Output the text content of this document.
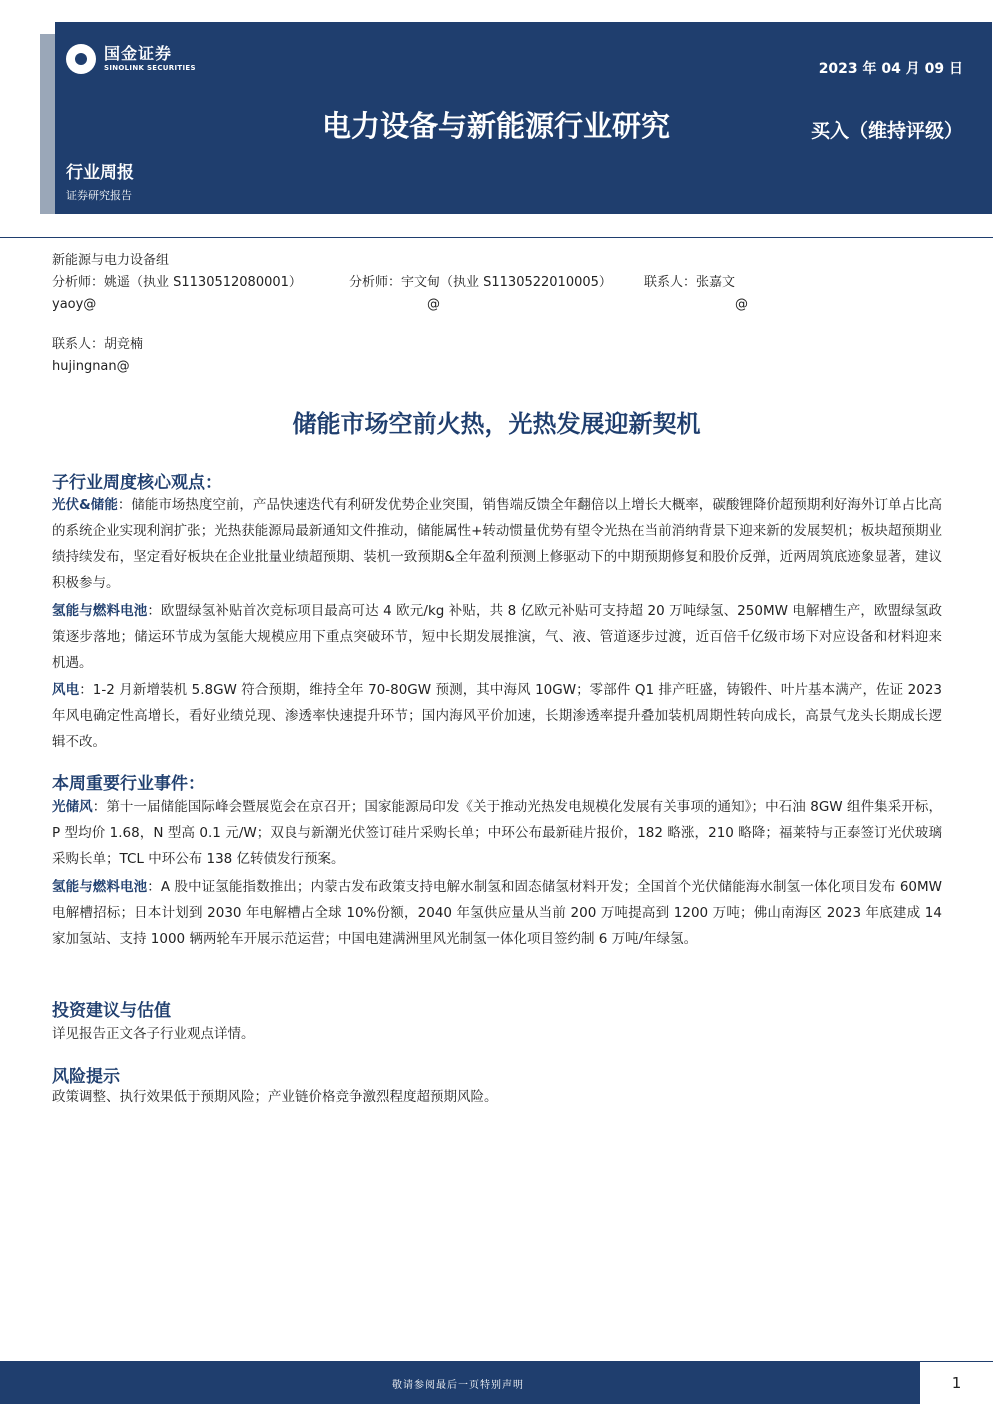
国金证券
SINOLINK SECURITIES	2023 年 04 月 09 日
电力设备与新能源行业研究	买入（维持评级）
行业周报
证券研究报告
新能源与电力设备组
分析师：姚遥（执业 S1130512080001）	分析师：宇文甸（执业 S1130522010005） 联系人：张嘉文
yaoy@	@	@
联系人：胡竞楠
hujingnan@
储能市场空前火热，光热发展迎新契机
子行业周度核心观点：
光伏&储能：储能市场热度空前，产品快速迭代有利研发优势企业突围，销售端反馈全年翻倍以上增长大概率，碳酸锂降价超预期利好海外订单占比高的系统企业实现利润扩张；光热获能源局最新通知文件推动，储能属性+转动惯量优势有望令光热在当前消纳背景下迎来新的发展契机；板块超预期业绩持续发布，坚定看好板块在企业批量业绩超预期、装机一致预期&全年盈利预测上修驱动下的中期预期修复和股价反弹，近两周筑底迹象显著，建议积极参与。
氢能与燃料电池：欧盟绿氢补贴首次竞标项目最高可达 4 欧元/kg 补贴，共 8 亿欧元补贴可支持超 20 万吨绿氢、250MW 电解槽生产，欧盟绿氢政策逐步落地；储运环节成为氢能大规模应用下重点突破环节，短中长期发展推演，气、液、管道逐步过渡，近百倍千亿级市场下对应设备和材料迎来机遇。
风电：1-2 月新增装机 5.8GW 符合预期，维持全年 70-80GW 预测，其中海风 10GW；零部件 Q1 排产旺盛，铸锻件、叶片基本满产，佐证 2023 年风电确定性高增长，看好业绩兑现、渗透率快速提升环节；国内海风平价加速，长期渗透率提升叠加装机周期性转向成长，高景气龙头长期成长逻辑不改。
本周重要行业事件：
光储风：第十一届储能国际峰会暨展览会在京召开；国家能源局印发《关于推动光热发电规模化发展有关事项的通知》；中石油 8GW 组件集采开标，P 型均价 1.68，N 型高 0.1 元/W；双良与新潮光伏签订硅片采购长单；中环公布最新硅片报价，182 略涨，210 略降；福莱特与正泰签订光伏玻璃采购长单；TCL 中环公布 138 亿转债发行预案。
氢能与燃料电池：A 股中证氢能指数推出；内蒙古发布政策支持电解水制氢和固态储氢材料开发；全国首个光伏储能海水制氢一体化项目发布 60MW 电解槽招标；日本计划到 2030 年电解槽占全球 10%份额，2040 年氢供应量从当前 200 万吨提高到 1200 万吨；佛山南海区 2023 年底建成 14 家加氢站、支持 1000 辆两轮车开展示范运营；中国电建满洲里风光制氢一体化项目签约制 6 万吨/年绿氢。
投资建议与估值
详见报告正文各子行业观点详情。
风险提示
政策调整、执行效果低于预期风险；产业链价格竞争激烈程度超预期风险。
敬请参阅最后一页特别声明	1
